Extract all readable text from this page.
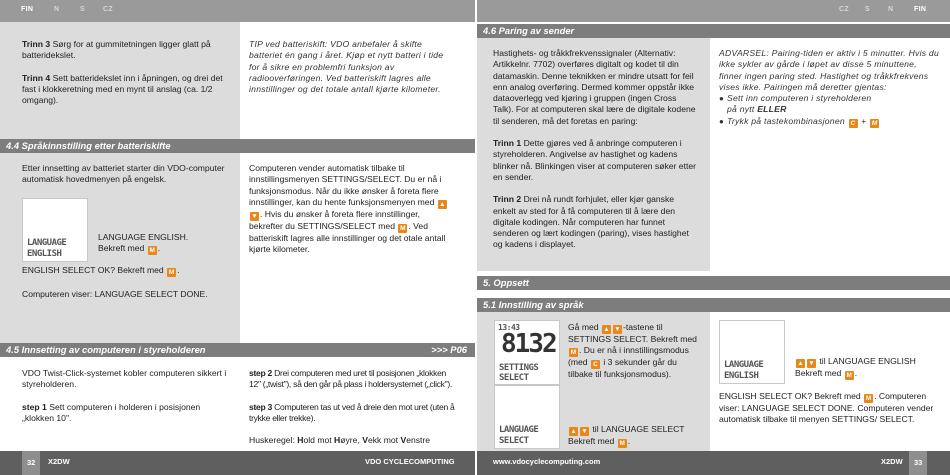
FIN	N	S	CZ	CZ S	N	FIN

Trinn 3 Sørg for at gummitetningen ligger glatt på batteridekslet.

Trinn 4 Sett batteridekslet inn i åpningen, og drei det fast i klokkeretning med en mynt til anslag (ca. 1/2 omgang).

TIP ved batteriskift: VDO anbefaler å skifte batteriet én gang i året. Kjøp et nytt batteri i tide for å sikre en problemfri funksjon av radiooverføringen. Ved batteriskift lagres alle innstillinger og det totale antall kjørte kilometer.
4.4 Språkinnstilling etter batteriskifte
Etter innsetting av batteriet starter din VDO-computer automatisk hovedmenyen på engelsk.
LANGUAGE
ENGLISH
LANGUAGE ENGLISH.
Bekreft med M .
ENGLISH SELECT OK? Bekreft med M .
Computeren viser: LANGUAGE SELECT DONE.
Computeren vender automatisk tilbake til innstillingsmenyen SETTINGS/SELECT. Du er nå i funksjonsmodus. Når du ikke ønsker å foreta flere innstillinger, kan du hente funksjonsmenyen med ▲▼ . Hvis du ønsker å foreta flere innstillinger, bekrefter du SETTINGS/SELECT med M . Ved batteriskift lagres alle innstillinger og det otale antall kjørte kilometer.
4.5 Innsetting av computeren i styreholderen	>>> P06

VDO Twist-Click-systemet kobler computeren sikkert i styreholderen.

step 1 Sett computeren i holderen i posisjonen „klokken 10".

step 2 Drei computeren med uret til posisjonen „klokken 12" („twist"), så den går på plass i holdersystemet („click").

step 3 Computeren tas ut ved å dreie den mot uret (uten å trykke eller trekke).

Huskeregel: Hold mot Høyre, Vekk mot Venstre

4.6 Paring av sender

Hastighets- og tråkkfrekvenssignaler (Alternativ: Artikkelnr. 7702) overføres digitalt og kodet til din datamaskin. Denne teknikken er mindre utsatt for feil enn analog overføring. Dermed kommer oppstår ikke dataoverlegg ved kjøring i gruppen (ingen Cross Talk). For at computeren skal lære de digitale kodene til senderen, må det foretas en paring:

Trinn 1 Dette gjøres ved å anbringe computeren i styreholderen. Angivelse av hastighet og kadens blinker nå. Blinkingen viser at computeren søker etter en sender.

Trinn 2 Drei nå rundt forhjulet, eller kjør ganske enkelt av sted for å få computeren til å lære den digitale kodingen. Når computeren har funnet senderen og lært kodingen (paring), vises hastighet og kadens i displayet.

ADVARSEL: Pairing-tiden er aktiv i 5 minutter. Hvis du ikke sykler av gårde i løpet av disse 5 minuttene, finner ingen paring sted. Hastighet og tråkkfrekvens vises ikke. Pairingen må deretter gjentas:
● Sett inn computeren i styreholderen
på nytt ELLER
● Trykk på tastekombinasjonen C + M
5. Oppsett
5.1 Innstilling av språk
13:43
8132
SETTINGS
SELECT
Gå med ▲ ▼ -tastene til SETTINGS SELECT. Bekreft med M . Du er nå i innstillingsmodus (med C i 3 sekunder går du tilbake til funksjonsmodus).
LANGUAGE
SELECT
▲ ▼ til LANGUAGE SELECT
Bekreft med M .
LANGUAGE
ENGLISH
▲ ▼ til LANGUAGE ENGLISH
Bekreft med M .
ENGLISH SELECT OK? Bekreft med M . Computeren viser: LANGUAGE SELECT DONE. Computeren vender automatisk tilbake til menyen SETTINGS/ SELECT.
32	X2DW	VDO CYCLECOMPUTING	www.vdocyclecomputing.com	X2DW	33
